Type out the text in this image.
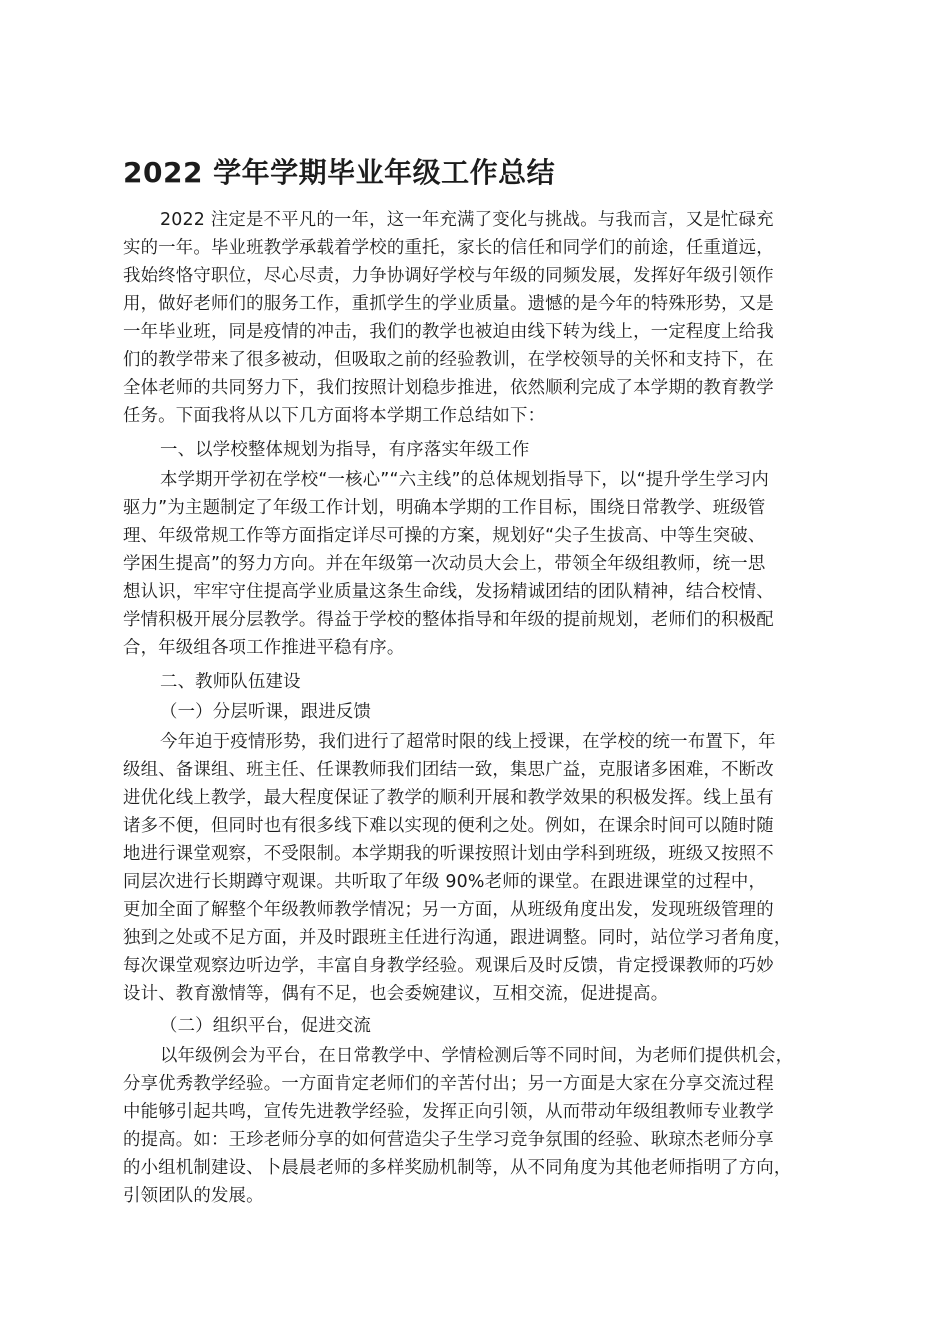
2022 学年学期毕业年级工作总结

2022 注定是不平凡的一年，这一年充满了变化与挑战。与我而言，又是忙碌充

实的一年。毕业班教学承载着学校的重托，家长的信任和同学们的前途，任重道远，

我始终恪守职位，尽心尽责，力争协调好学校与年级的同频发展，发挥好年级引领作

用，做好老师们的服务工作，重抓学生的学业质量。遗憾的是今年的特殊形势，又是

一年毕业班，同是疫情的冲击，我们的教学也被迫由线下转为线上，一定程度上给我

们的教学带来了很多被动，但吸取之前的经验教训，在学校领导的关怀和支持下，在

全体老师的共同努力下，我们按照计划稳步推进，依然顺利完成了本学期的教育教学

任务。下面我将从以下几方面将本学期工作总结如下：

一、以学校整体规划为指导，有序落实年级工作

本学期开学初在学校“一核心”“六主线”的总体规划指导下，以“提升学生学习内

驱力”为主题制定了年级工作计划，明确本学期的工作目标，围绕日常教学、班级管

理、年级常规工作等方面指定详尽可操的方案，规划好“尖子生拔高、中等生突破、

学困生提高”的努力方向。并在年级第一次动员大会上，带领全年级组教师，统一思

想认识，牢牢守住提高学业质量这条生命线，发扬精诚团结的团队精神，结合校情、

学情积极开展分层教学。得益于学校的整体指导和年级的提前规划，老师们的积极配

合，年级组各项工作推进平稳有序。

二、教师队伍建设

（一）分层听课，跟进反馈

今年迫于疫情形势，我们进行了超常时限的线上授课，在学校的统一布置下，年

级组、备课组、班主任、任课教师我们团结一致，集思广益，克服诸多困难，不断改

进优化线上教学，最大程度保证了教学的顺利开展和教学效果的积极发挥。线上虽有

诸多不便，但同时也有很多线下难以实现的便利之处。例如，在课余时间可以随时随

地进行课堂观察，不受限制。本学期我的听课按照计划由学科到班级，班级又按照不

同层次进行长期蹲守观课。共听取了年级 90%老师的课堂。在跟进课堂的过程中，

更加全面了解整个年级教师教学情况；另一方面，从班级角度出发，发现班级管理的

独到之处或不足方面，并及时跟班主任进行沟通，跟进调整。同时，站位学习者角度，

每次课堂观察边听边学，丰富自身教学经验。观课后及时反馈，肯定授课教师的巧妙

设计、教育激情等，偶有不足，也会委婉建议，互相交流，促进提高。

（二）组织平台，促进交流

以年级例会为平台，在日常教学中、学情检测后等不同时间，为老师们提供机会，

分享优秀教学经验。一方面肯定老师们的辛苦付出；另一方面是大家在分享交流过程

中能够引起共鸣，宣传先进教学经验，发挥正向引领，从而带动年级组教师专业教学

的提高。如：王珍老师分享的如何营造尖子生学习竞争氛围的经验、耿琼杰老师分享

的小组机制建设、卜晨晨老师的多样奖励机制等，从不同角度为其他老师指明了方向，

引领团队的发展。
